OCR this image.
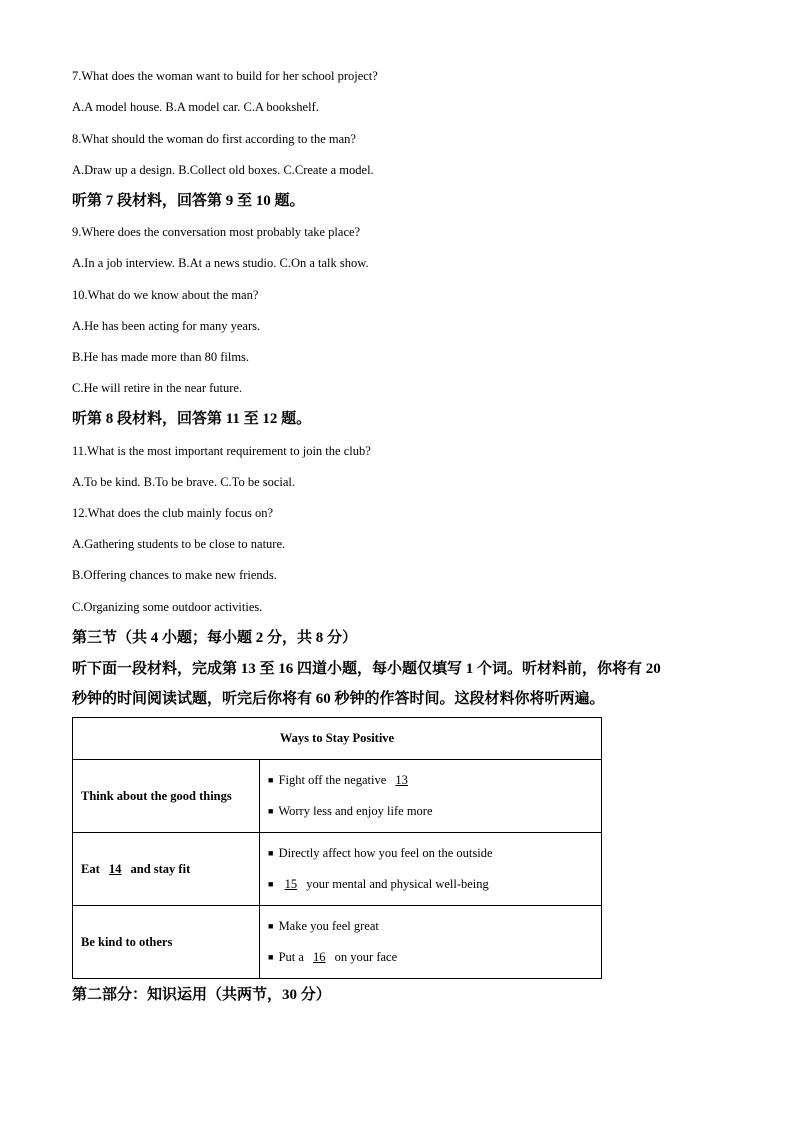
7.What does the woman want to build for her school project?
A.A model house. B.A model car. C.A bookshelf.
8.What should the woman do first according to the man?
A.Draw up a design. B.Collect old boxes. C.Create a model.
听第 7 段材料，回答第 9 至 10 题。
9.Where does the conversation most probably take place?
A.In a job interview. B.At a news studio. C.On a talk show.
10.What do we know about the man?
A.He has been acting for many years.
B.He has made more than 80 films.
C.He will retire in the near future.
听第 8 段材料，回答第 11 至 12 题。
11.What is the most important requirement to join the club?
A.To be kind. B.To be brave. C.To be social.
12.What does the club mainly focus on?
A.Gathering students to be close to nature.
B.Offering chances to make new friends.
C.Organizing some outdoor activities.
第三节（共 4 小题；每小题 2 分，共 8 分）
听下面一段材料，完成第 13 至 16 四道小题，每小题仅填写 1 个词。听材料前，你将有 20
秒钟的时间阅读试题，听完后你将有 60 秒钟的作答时间。这段材料你将听两遍。
Ways to Stay Positive	
Think about the good things	■ Fight off the negative 13
■ Worry less and enjoy life more

Eat 14 and stay fit	■ Directly affect how you feel on the outside
■ 15 your mental and physical well-being

Be kind to others	■ Make you feel great
■ Put a 16 on your face
第二部分：知识运用（共两节，30 分）
